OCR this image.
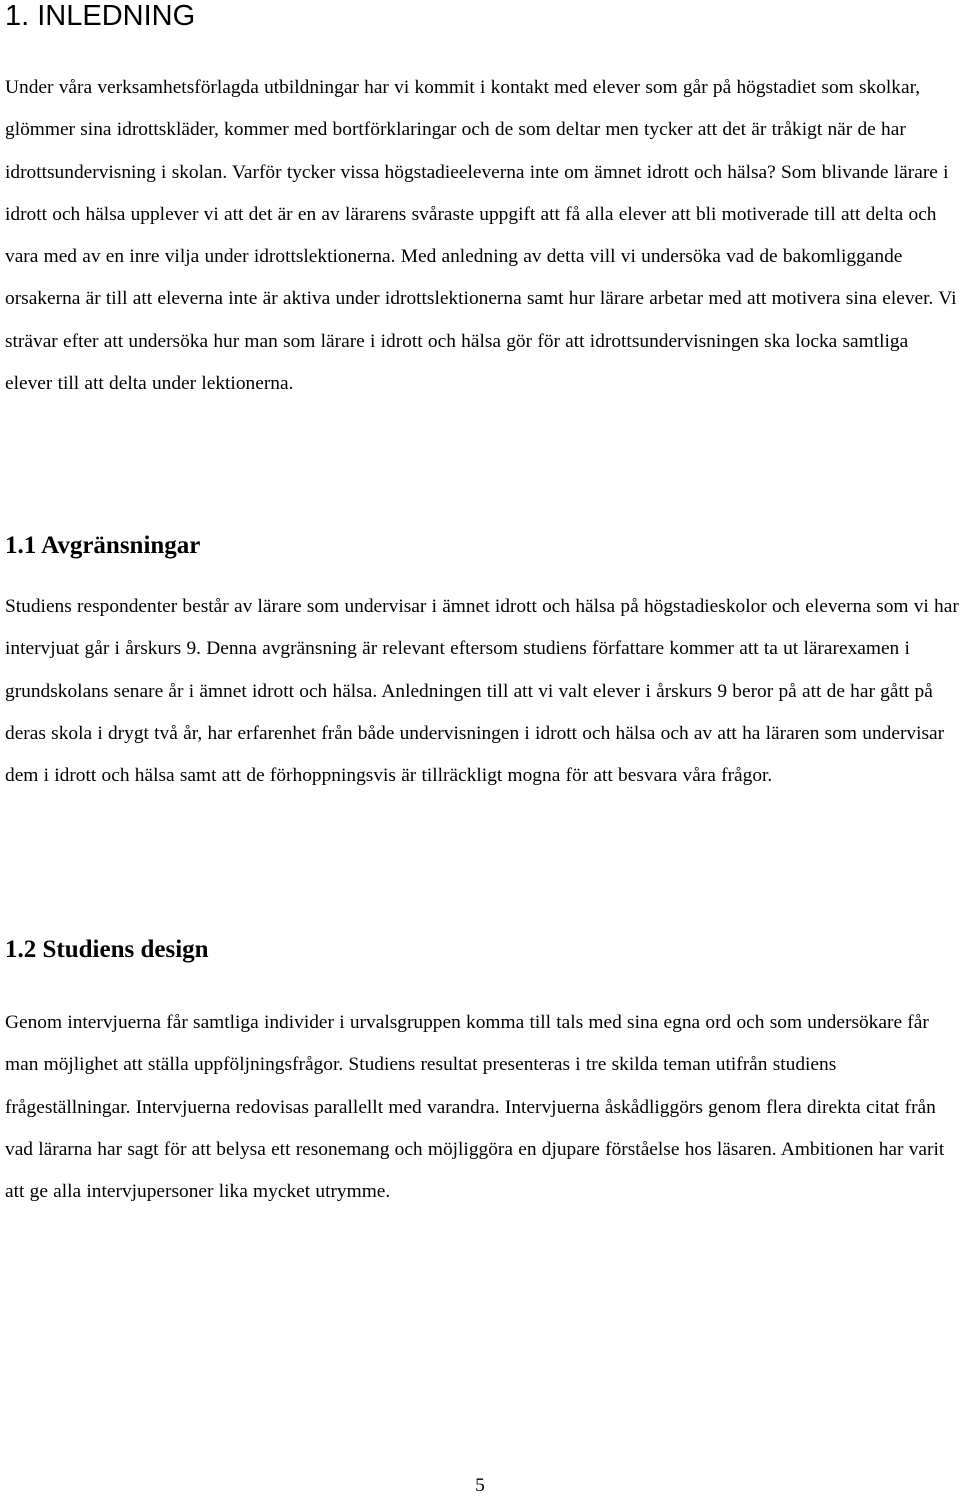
1. INLEDNING

Under våra verksamhetsförlagda utbildningar har vi kommit i kontakt med elever som går på högstadiet som skolkar, glömmer sina idrottskläder, kommer med bortförklaringar och de som deltar men tycker att det är tråkigt när de har idrottsundervisning i skolan. Varför tycker vissa högstadieeleverna inte om ämnet idrott och hälsa? Som blivande lärare i idrott och hälsa upplever vi att det är en av lärarens svåraste uppgift att få alla elever att bli motiverade till att delta och vara med av en inre vilja under idrottslektionerna. Med anledning av detta vill vi undersöka vad de bakomliggande orsakerna är till att eleverna inte är aktiva under idrottslektionerna samt hur lärare arbetar med att motivera sina elever. Vi strävar efter att undersöka hur man som lärare i idrott och hälsa gör för att idrottsundervisningen ska locka samtliga elever till att delta under lektionerna.

1.1 Avgränsningar

Studiens respondenter består av lärare som undervisar i ämnet idrott och hälsa på högstadieskolor och eleverna som vi har intervjuat går i årskurs 9. Denna avgränsning är relevant eftersom studiens författare kommer att ta ut lärarexamen i grundskolans senare år i ämnet idrott och hälsa. Anledningen till att vi valt elever i årskurs 9 beror på att de har gått på deras skola i drygt två år, har erfarenhet från både undervisningen i idrott och hälsa och av att ha läraren som undervisar dem i idrott och hälsa samt att de förhoppningsvis är tillräckligt mogna för att besvara våra frågor.

1.2 Studiens design

Genom intervjuerna får samtliga individer i urvalsgruppen komma till tals med sina egna ord och som undersökare får man möjlighet att ställa uppföljningsfrågor. Studiens resultat presenteras i tre skilda teman utifrån studiens frågeställningar. Intervjuerna redovisas parallellt med varandra. Intervjuerna åskådliggörs genom flera direkta citat från vad lärarna har sagt för att belysa ett resonemang och möjliggöra en djupare förståelse hos läsaren. Ambitionen har varit att ge alla intervjupersoner lika mycket utrymme.

5
